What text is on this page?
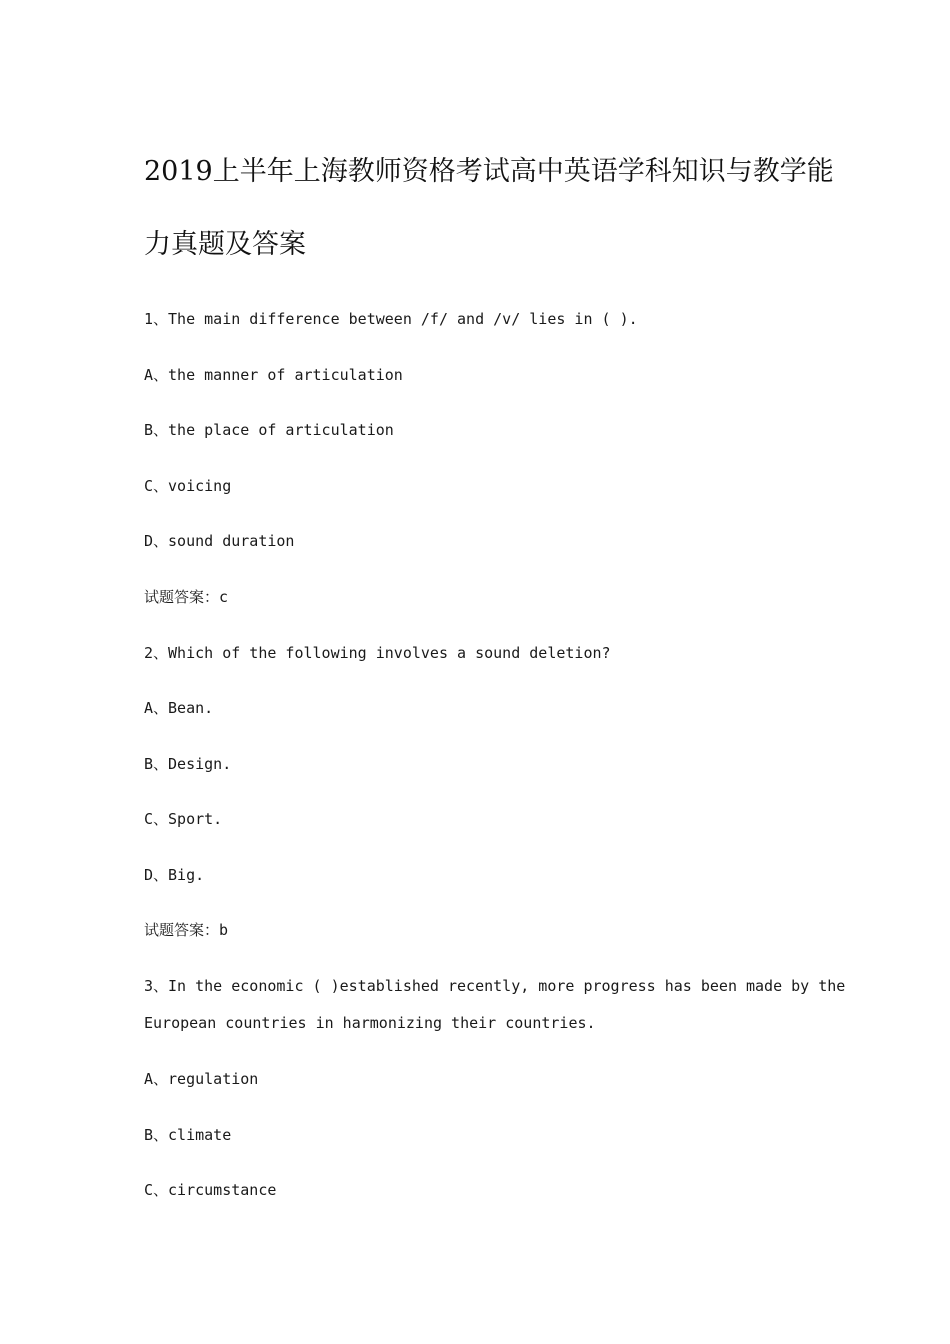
2019上半年上海教师资格考试高中英语学科知识与教学能
力真题及答案
1、The main difference between /f/ and /v/ lies in ( ).
A、the manner of articulation
B、the place of articulation
C、voicing
D、sound duration
试题答案：c
2、Which of the following involves a sound deletion?
A、Bean.
B、Design.
C、Sport.
D、Big.
试题答案：b
3、In the economic ( )established recently, more progress has been made by the
European countries in harmonizing their countries.
A、regulation
B、climate
C、circumstance
